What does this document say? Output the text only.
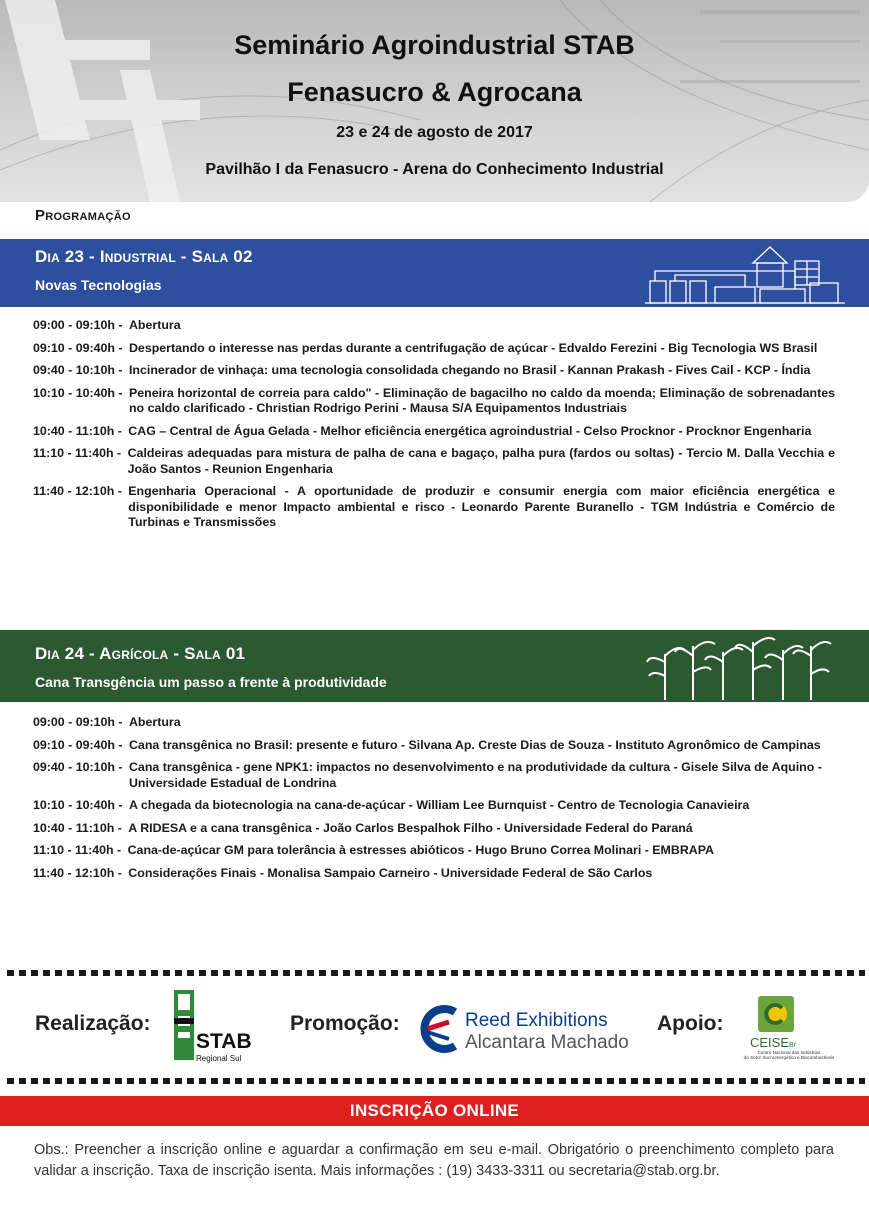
Seminário Agroindustrial STAB
Fenasucro & Agrocana
23 e 24 de agosto de 2017
Pavilhão I da Fenasucro - Arena do Conhecimento Industrial
Programação
Dia 23 - Industrial - Sala 02
Novas Tecnologias
09:00 - 09:10h - Abertura
09:10 - 09:40h - Despertando o interesse nas perdas durante a centrifugação de açúcar - Edvaldo Ferezini - Big Tecnologia WS Brasil
09:40 - 10:10h - Incinerador de vinhaça: uma tecnologia consolidada chegando no Brasil - Kannan Prakash - Fives Cail - KCP - Índia
10:10 - 10:40h - Peneira horizontal de correia para caldo" - Eliminação de bagacilho no caldo da moenda; Eliminação de sobrenadantes no caldo clarificado - Christian Rodrigo Perini - Mausa S/A Equipamentos Industriais
10:40 - 11:10h - CAG – Central de Água Gelada - Melhor eficiência energética agroindustrial - Celso Procknor - Procknor Engenharia
11:10 - 11:40h - Caldeiras adequadas para mistura de palha de cana e bagaço, palha pura (fardos ou soltas) - Tercio M. Dalla Vecchia e João Santos - Reunion Engenharia
11:40 - 12:10h - Engenharia Operacional - A oportunidade de produzir e consumir energia com maior eficiência energética e disponibilidade e menor Impacto ambiental e risco - Leonardo Parente Buranello - TGM Indústria e Comércio de Turbinas e Transmissões
Dia 24 - Agrícola - Sala 01
Cana Transgência um passo a frente à produtividade
09:00 - 09:10h - Abertura
09:10 - 09:40h - Cana transgênica no Brasil: presente e futuro - Silvana Ap. Creste Dias de Souza - Instituto Agronômico de Campinas
09:40 - 10:10h - Cana transgênica - gene NPK1: impactos no desenvolvimento e na produtividade da cultura - Gisele Silva de Aquino - Universidade Estadual de Londrina
10:10 - 10:40h - A chegada da biotecnologia na cana-de-açúcar - William Lee Burnquist - Centro de Tecnologia Canavieira
10:40 - 11:10h - A RIDESA e a cana transgênica - João Carlos Bespalhok Filho - Universidade Federal do Paraná
11:10 - 11:40h - Cana-de-açúcar GM para tolerância à estresses abióticos - Hugo Bruno Correa Molinari - EMBRAPA
11:40 - 12:10h - Considerações Finais - Monalisa Sampaio Carneiro - Universidade Federal de São Carlos
Realização:
STAB
Regional Sul
Promoção:	Reed Exhibitions
Alcantara Machado
Apoio:
CEISEBr
Centro Nacional das Indústrias
do Setor Sucroenergético e Biocombustíveis
INSCRIÇÃO ONLINE
Obs.: Preencher a inscrição online e aguardar a confirmação em seu e-mail. Obrigatório o preenchimento completo para validar a inscrição. Taxa de inscrição isenta. Mais informações : (19) 3433-3311 ou secretaria@stab.org.br.
